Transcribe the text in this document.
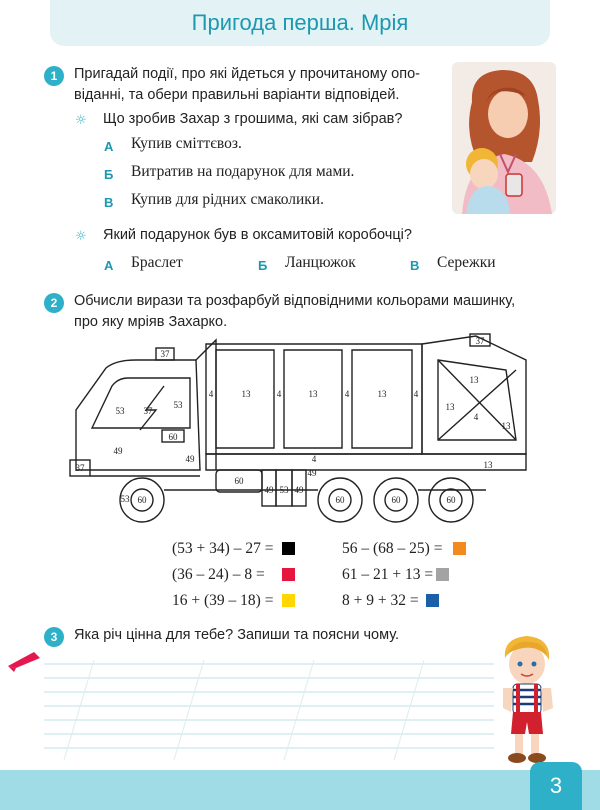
Пригода перша. Мрія
1	Пригадай події, про які йдеться у прочитаному опо-
віданні, та обери правильні варіанти відповідей.
☼ Що зробив Захар з грошима, які сам зібрав?
А Купив сміттєвоз.
Б Витратив на подарунок для мами.
В Купив для рідних смаколики.
☼ Який подарунок був в оксамитовій коробочці?
А Браслет	Б Ланцюжок	В Сережки
2	Обчисли вирази та розфарбуй відповідними кольорами машинку,
про яку мріяв Захарко.
37
37
53 37
53
60
49
49
37
53 60
4	13	4	13	4	13	4
13
13
4
13
13
4
49
60
49 53 49
60	60	60
(53 + 34) – 27 =	56 – (68 – 25) =
(36 – 24) – 8 =	61 – 21 + 13 =
16 + (39 – 18) =	8 + 9 + 32 =
3	Яка річ цінна для тебе? Запиши та поясни чому.
3
